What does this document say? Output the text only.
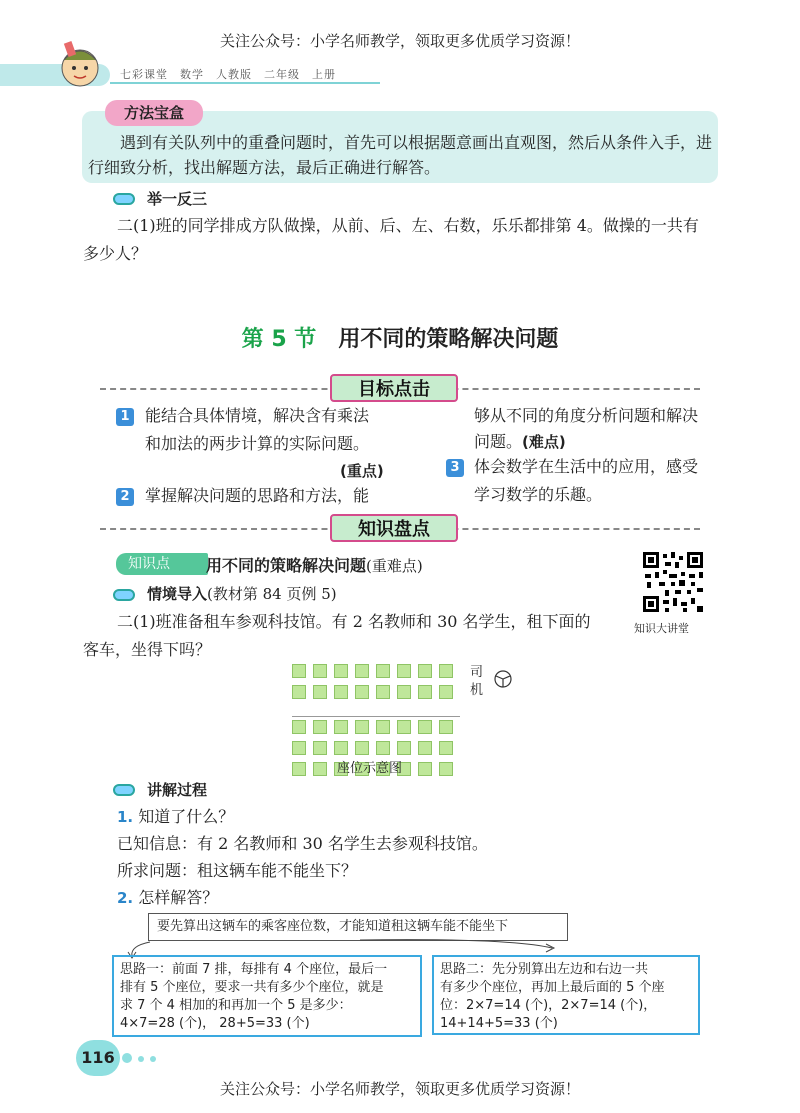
关注公众号：小学名师教学，领取更多优质学习资源！
七彩课堂　数学　人教版　二年级　上册
方法宝盒
遇到有关队列中的重叠问题时，首先可以根据题意画出直观图，然后从条件入手，进行细致分析，找出解题方法，最后正确进行解答。
举一反三
二(1)班的同学排成方队做操，从前、后、左、右数，乐乐都排第 4。做操的一共有
多少人？
第 5 节 用不同的策略解决问题
目标点击
1 能结合具体情境，解决含有乘法
和加法的两步计算的实际问题。
(重点)
2 掌握解决问题的思路和方法，能
够从不同的角度分析问题和解决
问题。(难点)
3 体会数学在生活中的应用，感受
学习数学的乐趣。
知识盘点
知识点	用不同的策略解决问题(重难点)
知识大讲堂
情境导入(教材第 84 页例 5)
二(1)班准备租车参观科技馆。有 2 名教师和 30 名学生，租下面的
客车，坐得下吗？
司机
座位示意图
讲解过程
1. 知道了什么？
已知信息：有 2 名教师和 30 名学生去参观科技馆。
所求问题：租这辆车能不能坐下？
2. 怎样解答？
要先算出这辆车的乘客座位数，才能知道租这辆车能不能坐下
思路一：前面 7 排，每排有 4 个座位，最后一
排有 5 个座位，要求一共有多少个座位，就是
求 7 个 4 相加的和再加一个 5 是多少：
4×7=28 (个)， 28+5=33 (个)
思路二：先分别算出左边和右边一共
有多少个座位，再加上最后面的 5 个座
位：2×7=14 (个)，2×7=14 (个)，
14+14+5=33 (个)
116
关注公众号：小学名师教学，领取更多优质学习资源！
